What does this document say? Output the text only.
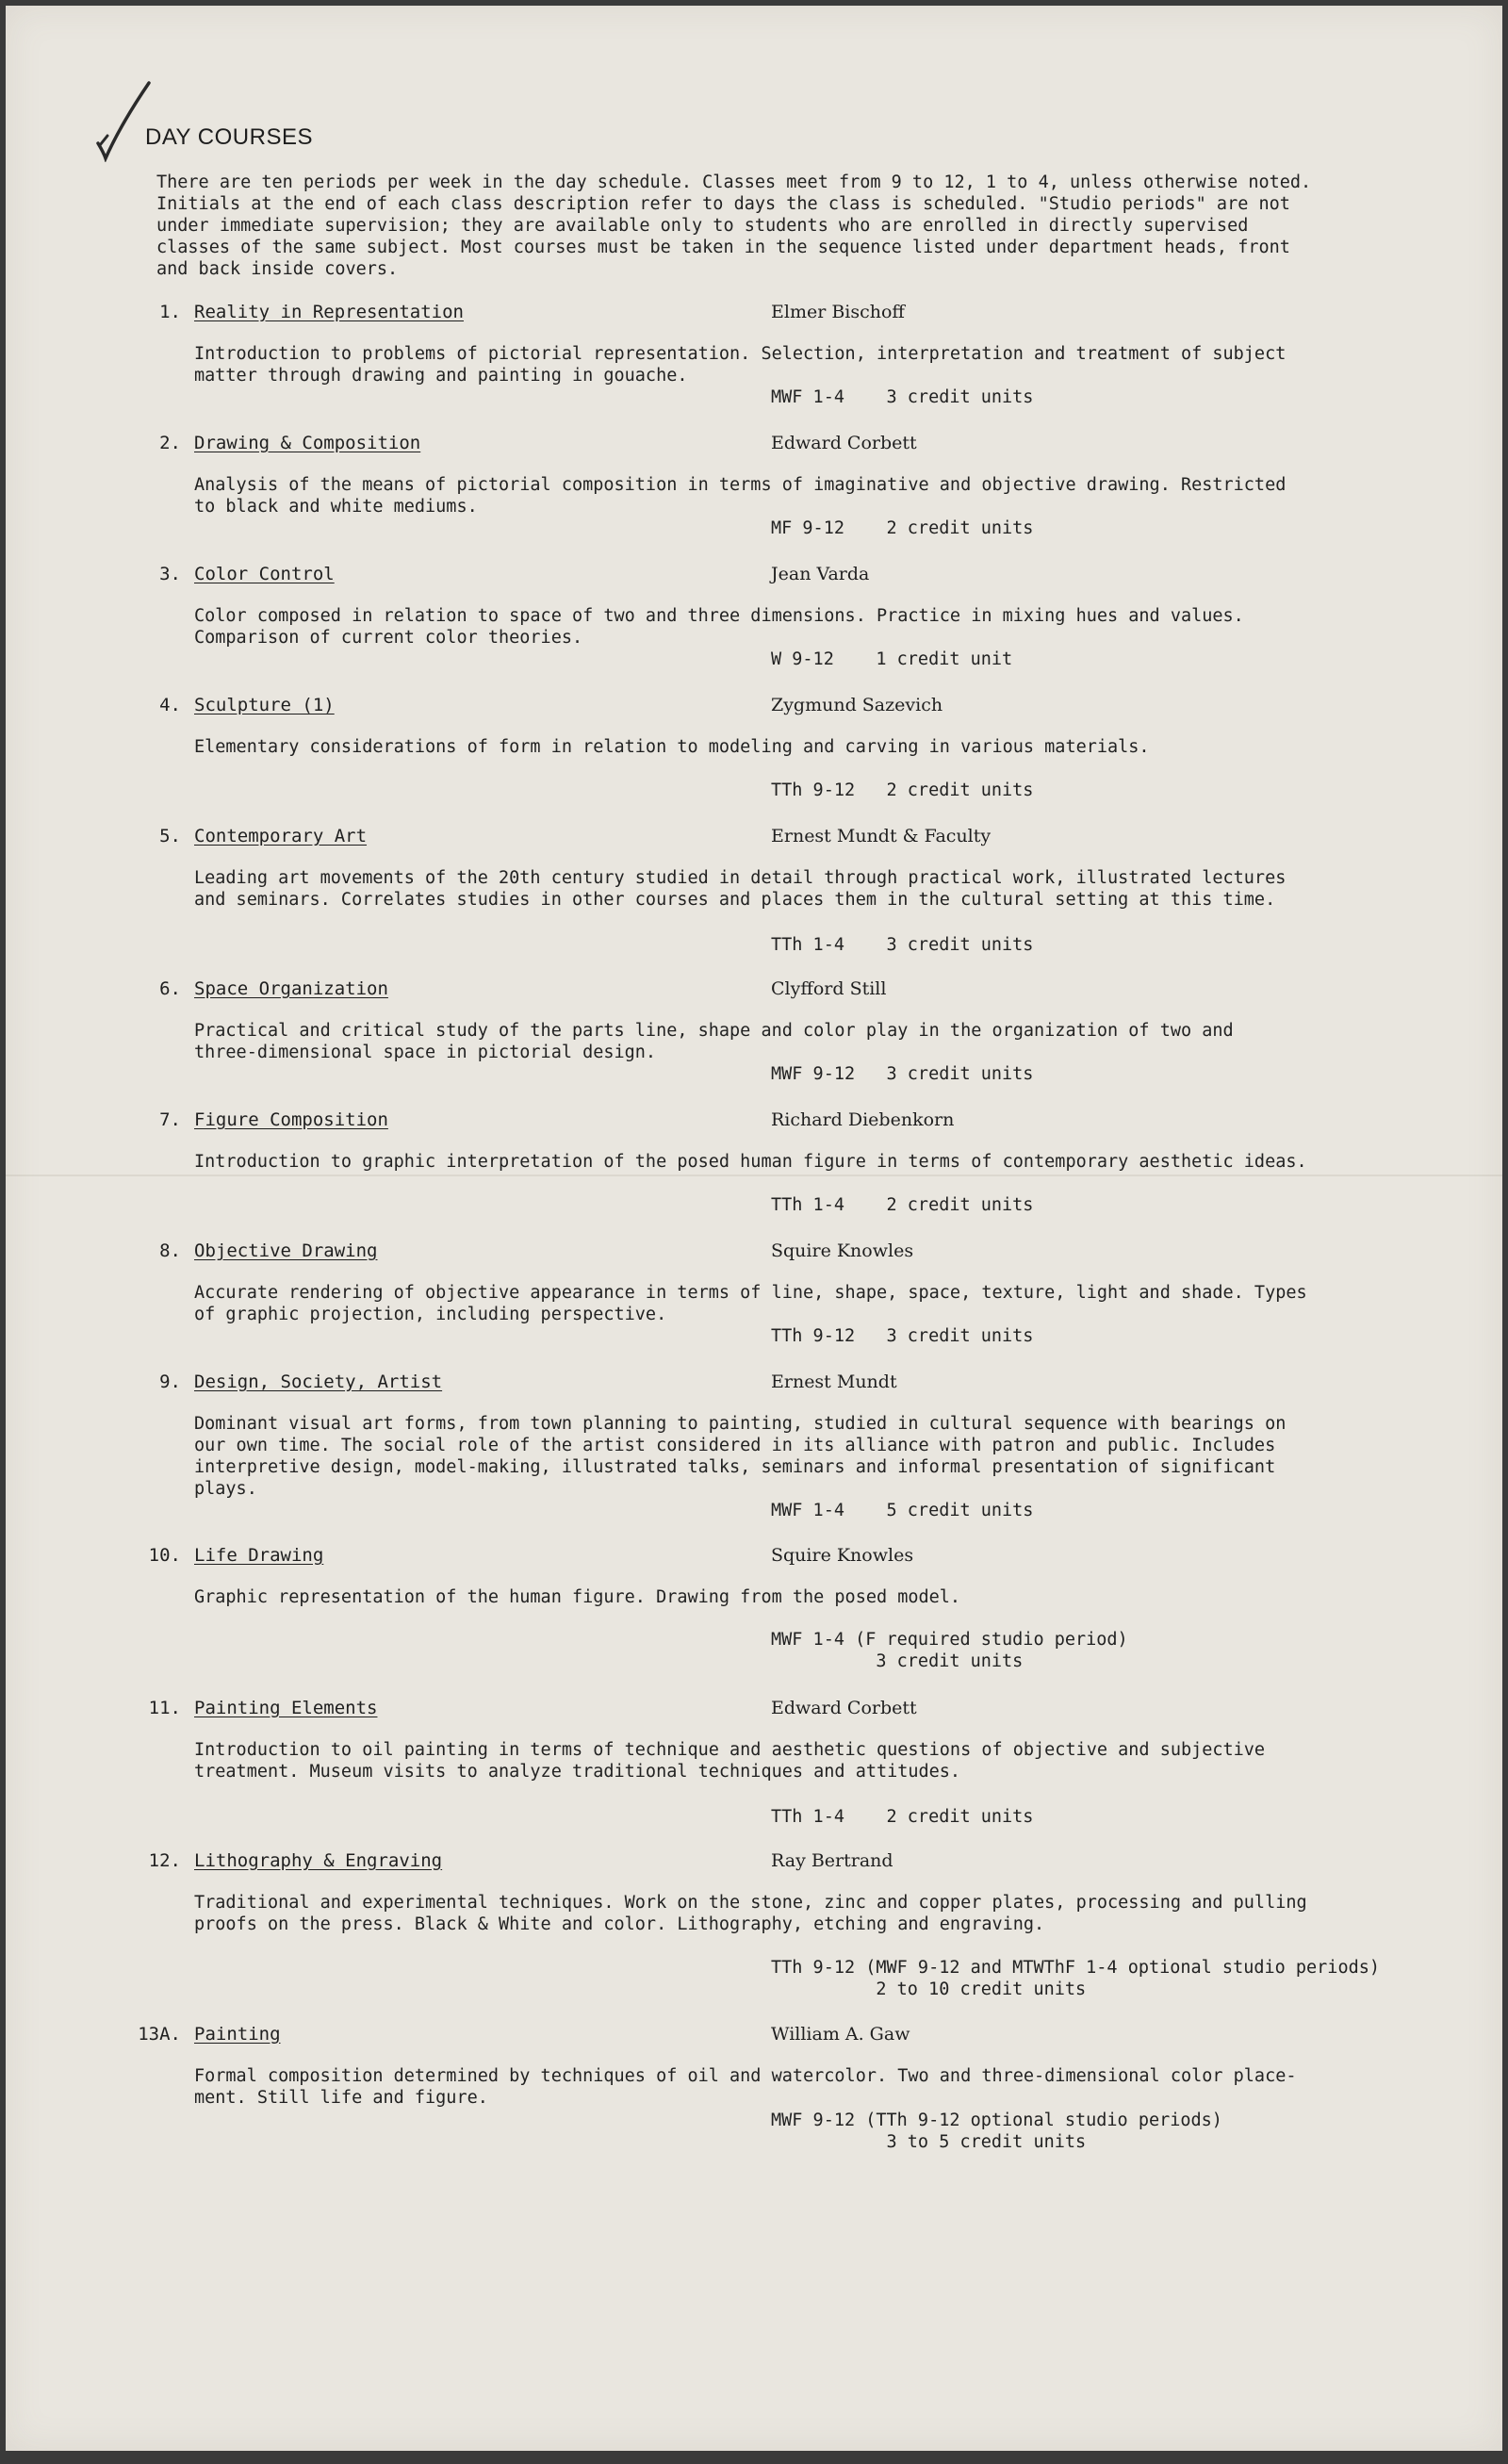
DAY COURSES
There are ten periods per week in the day schedule. Classes meet from 9 to 12, 1 to 4, unless otherwise noted.
Initials at the end of each class description refer to days the class is scheduled. "Studio periods" are not
under immediate supervision; they are available only to students who are enrolled in directly supervised
classes of the same subject. Most courses must be taken in the sequence listed under department heads, front
and back inside covers.
1. Reality in Representation	Elmer Bischoff
Introduction to problems of pictorial representation. Selection, interpretation and treatment of subject
matter through drawing and painting in gouache.
MWF 1-4    3 credit units
2. Drawing & Composition	Edward Corbett
Analysis of the means of pictorial composition in terms of imaginative and objective drawing. Restricted
to black and white mediums.
MF 9-12    2 credit units
3. Color Control	Jean Varda
Color composed in relation to space of two and three dimensions. Practice in mixing hues and values.
Comparison of current color theories.
W 9-12    1 credit unit
4. Sculpture (1)	Zygmund Sazevich
Elementary considerations of form in relation to modeling and carving in various materials.
TTh 9-12   2 credit units
5. Contemporary Art	Ernest Mundt & Faculty
Leading art movements of the 20th century studied in detail through practical work, illustrated lectures
and seminars. Correlates studies in other courses and places them in the cultural setting at this time.
TTh 1-4    3 credit units
6. Space Organization	Clyfford Still
Practical and critical study of the parts line, shape and color play in the organization of two and
three-dimensional space in pictorial design.
MWF 9-12   3 credit units
7. Figure Composition	Richard Diebenkorn
Introduction to graphic interpretation of the posed human figure in terms of contemporary aesthetic ideas.
TTh 1-4    2 credit units
8. Objective Drawing	Squire Knowles
Accurate rendering of objective appearance in terms of line, shape, space, texture, light and shade. Types
of graphic projection, including perspective.
TTh 9-12   3 credit units
9. Design, Society, Artist	Ernest Mundt
Dominant visual art forms, from town planning to painting, studied in cultural sequence with bearings on
our own time. The social role of the artist considered in its alliance with patron and public. Includes
interpretive design, model-making, illustrated talks, seminars and informal presentation of significant
plays.
MWF 1-4    5 credit units
10. Life Drawing	Squire Knowles
Graphic representation of the human figure. Drawing from the posed model.
MWF 1-4 (F required studio period)
3 credit units
11. Painting Elements	Edward Corbett
Introduction to oil painting in terms of technique and aesthetic questions of objective and subjective
treatment. Museum visits to analyze traditional techniques and attitudes.
TTh 1-4    2 credit units
12. Lithography & Engraving	Ray Bertrand
Traditional and experimental techniques. Work on the stone, zinc and copper plates, processing and pulling
proofs on the press. Black & White and color. Lithography, etching and engraving.
TTh 9-12 (MWF 9-12 and MTWThF 1-4 optional studio periods)
2 to 10 credit units
13A. Painting	William A. Gaw
Formal composition determined by techniques of oil and watercolor. Two and three-dimensional color place-
ment. Still life and figure.
MWF 9-12 (TTh 9-12 optional studio periods)
3 to 5 credit units
